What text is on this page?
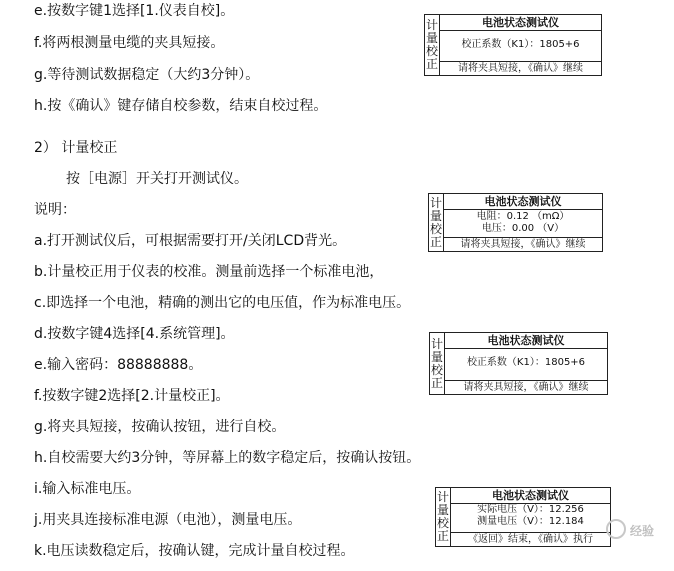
e.按数字键1选择[1.仪表自校]。
f.将两根测量电缆的夹具短接。
g.等待测试数据稳定（大约3分钟）。
h.按《确认》键存储自校参数，结束自校过程。
2） 计量校正
按［电源］开关打开测试仪。
说明：
a.打开测试仪后，可根据需要打开/关闭LCD背光。
b.计量校正用于仪表的校准。测量前选择一个标准电池，
c.即选择一个电池，精确的测出它的电压值，作为标准电压。
d.按数字键4选择[4.系统管理]。
e.输入密码：88888888。
f.按数字键2选择[2.计量校正]。
g.将夹具短接，按确认按钮，进行自校。
h.自校需要大约3分钟，等屏幕上的数字稳定后，按确认按钮。
i.输入标准电压。
j.用夹具连接标准电源（电池），测量电压。
k.电压读数稳定后，按确认键，完成计量自校过程。
计
量
校
正
电池状态测试仪
校正系数（K1）：1805+6
请将夹具短接，《确认》继续
计
量
校
正
电池状态测试仪
电阻：0.12 （mΩ）
电压：0.00 （V）
请将夹具短接，《确认》继续
计
量
校
正
电池状态测试仪
校正系数（K1）：1805+6
请将夹具短接，《确认》继续
计
量
校
正
电池状态测试仪
实际电压（V）：12.256
测量电压（V）：12.184
《返回》结束，《确认》执行
经验
